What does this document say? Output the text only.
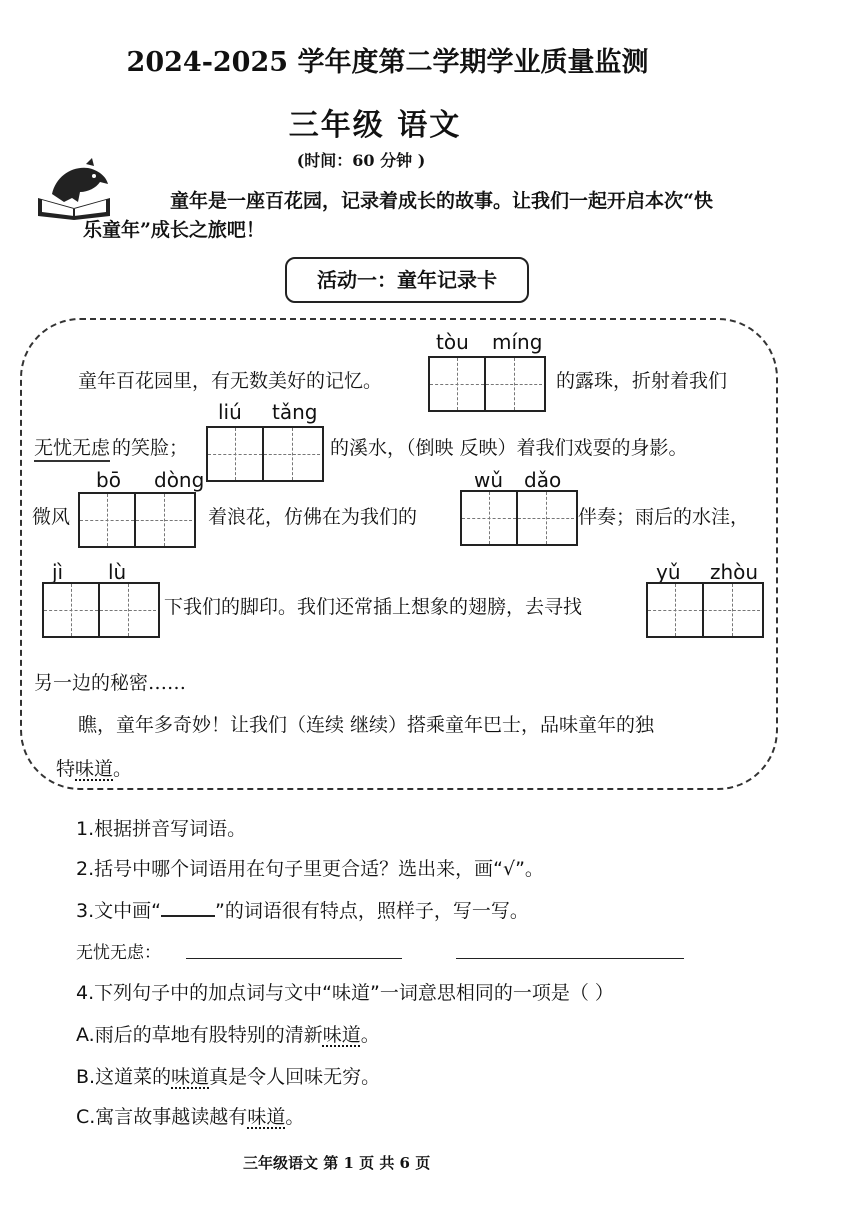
2024-2025 学年度第二学期学业质量监测
三年级 语文
(时间：60 分钟 )
童年是一座百花园，记录着成长的故事。让我们一起开启本次“快
乐童年”成长之旅吧！
活动一：童年记录卡
tòu míng
童年百花园里，有无数美好的记忆。	的露珠，折射着我们
liú tǎng
无忧无虑 的笑脸；	的溪水，（倒映 反映）着我们戏耍的身影。
bō dòng	wǔ dǎo
微风	着浪花，仿佛在为我们的	伴奏；雨后的水洼，
jì lù	yǔ zhòu
下我们的脚印。我们还常插上想象的翅膀，去寻找
另一边的秘密……
瞧，童年多奇妙！让我们（连续 继续）搭乘童年巴士，品味童年的独
特味道。
1.根据拼音写词语。
2.括号中哪个词语用在句子里更合适？选出来，画“√”。
3.文中画“	”的词语很有特点，照样子，写一写。
无忧无虑：
4.下列句子中的加点词与文中“味道”一词意思相同的一项是（ ）
A.雨后的草地有股特别的清新味道。
B.这道菜的味道真是令人回味无穷。
C.寓言故事越读越有味道。
三年级语文 第 1 页 共 6 页
